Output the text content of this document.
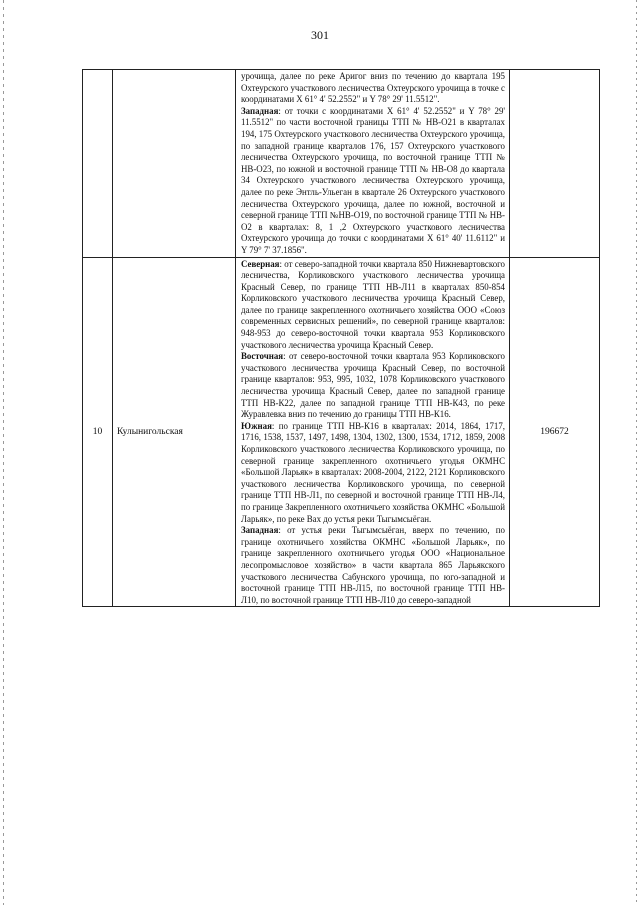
301

		урочища, далее по реке Аригог вниз по течению до квартала 195 Охтеурского участкового лесничества Охтеурского урочища в точке с координатами X 61° 4' 52.2552" и Y 78° 29' 11.5512".

Западная: от точки с координатами X 61° 4' 52.2552" и Y 78° 29' 11.5512" по части восточной границы ТТП № НВ-О21 в кварталах 194, 175 Охтеурского участкового лесничества Охтеурского урочища, по западной границе кварталов 176, 157 Охтеурского участкового лесничества Охтеурского урочища, по восточной границе ТТП № НВ-О23, по южной и восточной границе ТТП № НВ-О8 до квартала 34 Охтеурского участкового лесничества Охтеурского урочища, далее по реке Энтль-Ульеган в квартале 26 Охтеурского участкового лесничества Охтеурского урочища, далее по южной, восточной и северной границе ТТП №НВ-О19, по восточной границе ТТП № НВ-О2 в кварталах: 8, 1 ,2 Охтеурского участкового лесничества Охтеурского урочища до точки с координатами X 61° 40' 11.6112" и Y 79° 7' 37.1856".	

10	Кулынигольская	Северная: от северо-западной точки квартала 850 Нижневартовского лесничества, Корликовского участкового лесничества урочища Красный Север, по границе ТТП НВ-Л11 в кварталах 850-854 Корликовского участкового лесничества урочища Красный Север, далее по границе закрепленного охотничьего хозяйства ООО «Союз современных сервисных решений», по северной границе кварталов: 948-953 до северо-восточной точки квартала 953 Корликовского участкового лесничества урочища Красный Север.

Восточная: от северо-восточной точки квартала 953 Корликовского участкового лесничества урочища Красный Север, по восточной границе кварталов: 953, 995, 1032, 1078 Корликовского участкового лесничества урочища Красный Север, далее по западной границе ТТП НВ-К22, далее по западной границе ТТП НВ-К43, по реке Журавлевка вниз по течению до границы ТТП НВ-К16.

Южная: по границе ТТП НВ-К16 в кварталах: 2014, 1864, 1717, 1716, 1538, 1537, 1497, 1498, 1304, 1302, 1300, 1534, 1712, 1859, 2008 Корликовского участкового лесничества Корликовского урочища, по северной границе закрепленного охотничьего угодья ОКМНС «Большой Ларьяк» в кварталах: 2008-2004, 2122, 2121 Корликовского участкового лесничества Корликовского урочища, по северной границе ТТП НВ-Л1, по северной и восточной границе ТТП НВ-Л4, по границе Закрепленного охотничьего хозяйства ОКМНС «Большой Ларьяк», по реке Вах до устья реки Тыгымсыёган.

Западная: от устья реки Тыгымсыёган, вверх по течению, по границе охотничьего хозяйства ОКМНС «Большой Ларьяк», по границе закрепленного охотничьего угодья ООО «Национальное лесопромысловое хозяйство» в части квартала 865 Ларьякского участкового лесничества Сабунского урочища, по юго-западной и восточной границе ТТП НВ-Л15, по восточной границе ТТП НВ-Л10, по восточной границе ТТП НВ-Л10 до северо-западной	196672
